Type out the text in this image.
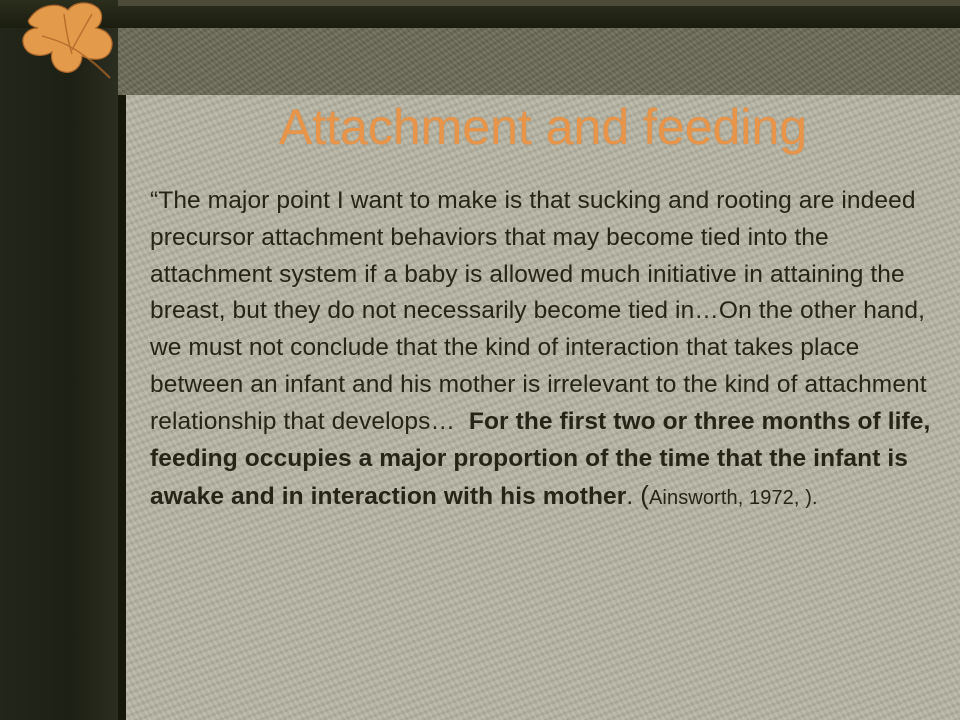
Attachment and feeding

“The major point I want to make is that sucking and rooting are indeed precursor attachment behaviors that may become tied into the attachment system if a baby is allowed much initiative in attaining the breast, but they do not necessarily become tied in…On the other hand, we must not conclude that the kind of interaction that takes place between an infant and his mother is irrelevant to the kind of attachment relationship that develops… For the first two or three months of life, feeding occupies a major proportion of the time that the infant is awake and in interaction with his mother. (Ainsworth, 1972, ).
